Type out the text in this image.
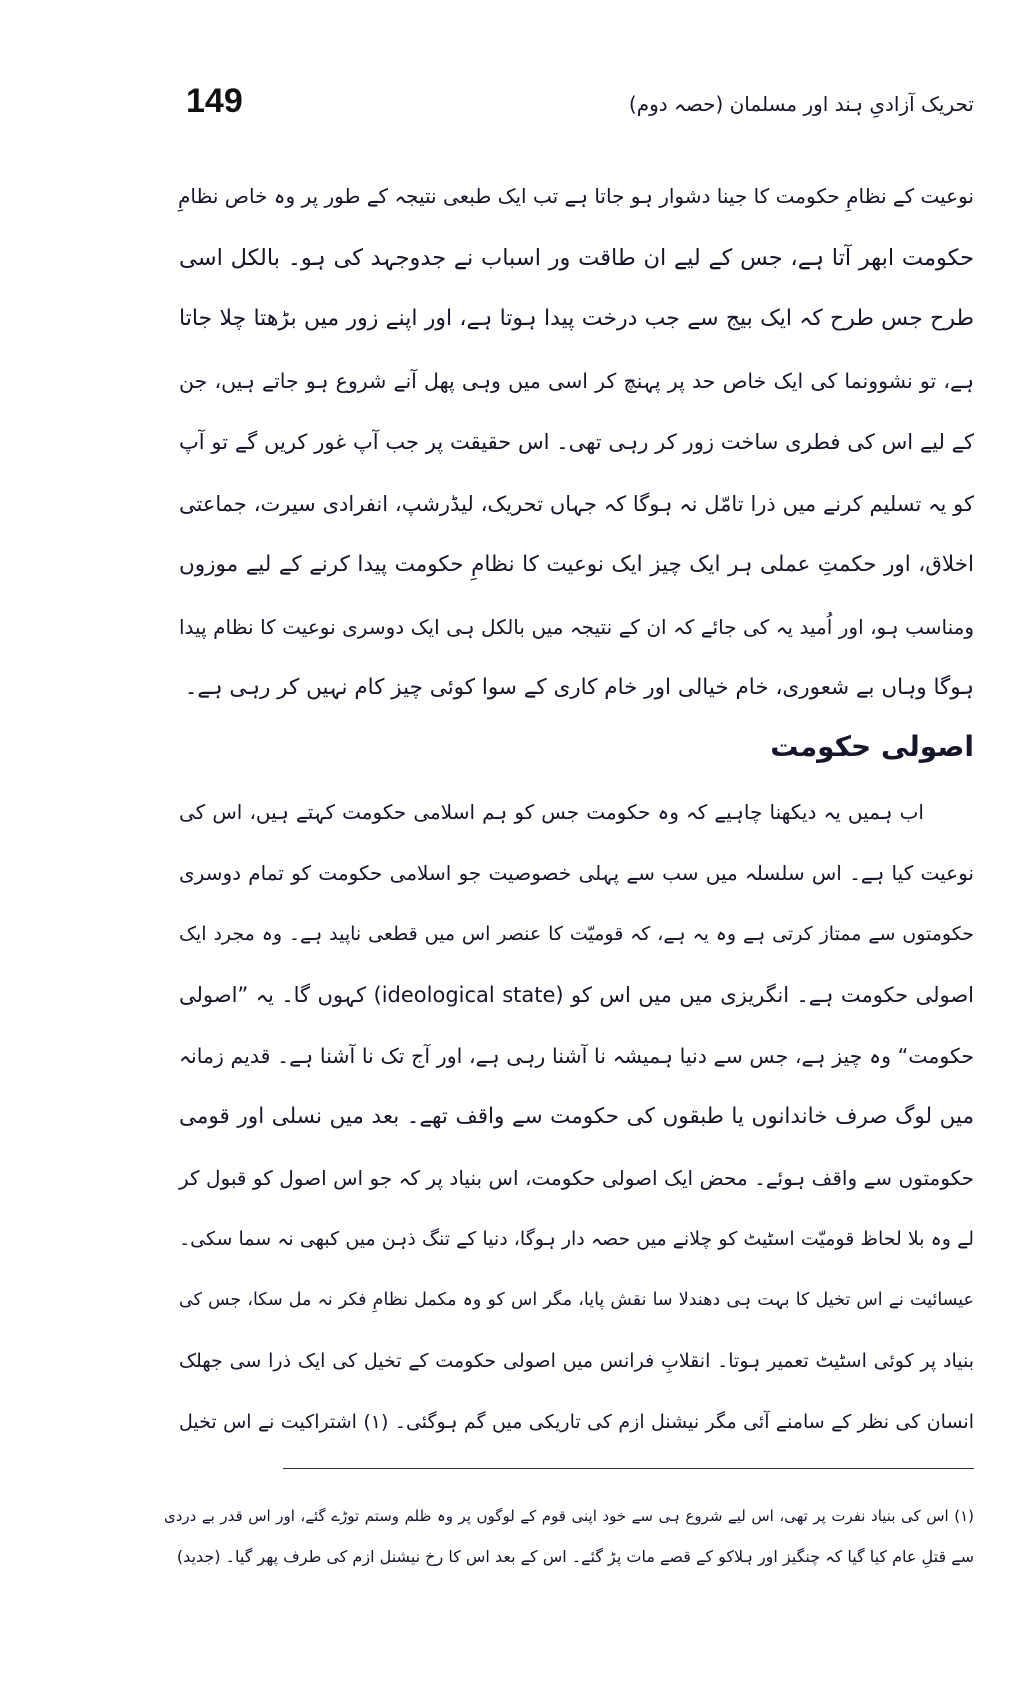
149	تحریک آزادیِ ہند اور مسلمان (حصہ دوم)
نوعیت کے نظامِ حکومت کا جینا دشوار ہو جاتا ہے تب ایک طبعی نتیجہ کے طور پر وہ خاص نظامِ
حکومت ابھر آتا ہے، جس کے لیے ان طاقت ور اسباب نے جدوجہد کی ہو۔ بالکل اسی
طرح جس طرح کہ ایک بیج سے جب درخت پیدا ہوتا ہے، اور اپنے زور میں بڑھتا چلا جاتا
ہے، تو نشوونما کی ایک خاص حد پر پہنچ کر اسی میں وہی پھل آنے شروع ہو جاتے ہیں، جن
کے لیے اس کی فطری ساخت زور کر رہی تھی۔ اس حقیقت پر جب آپ غور کریں گے تو آپ
کو یہ تسلیم کرنے میں ذرا تامّل نہ ہوگا کہ جہاں تحریک، لیڈرشپ، انفرادی سیرت، جماعتی
اخلاق، اور حکمتِ عملی ہر ایک چیز ایک نوعیت کا نظامِ حکومت پیدا کرنے کے لیے موزوں
ومناسب ہو، اور اُمید یہ کی جائے کہ ان کے نتیجہ میں بالکل ہی ایک دوسری نوعیت کا نظام پیدا
ہوگا وہاں بے شعوری، خام خیالی اور خام کاری کے سوا کوئی چیز کام نہیں کر رہی ہے۔
اصولی حکومت
اب ہمیں یہ دیکھنا چاہیے کہ وہ حکومت جس کو ہم اسلامی حکومت کہتے ہیں، اس کی
نوعیت کیا ہے۔ اس سلسلہ میں سب سے پہلی خصوصیت جو اسلامی حکومت کو تمام دوسری
حکومتوں سے ممتاز کرتی ہے وہ یہ ہے، کہ قومیّت کا عنصر اس میں قطعی ناپید ہے۔ وہ مجرد ایک
اصولی حکومت ہے۔ انگریزی میں میں اس کو (ideological state) کہوں گا۔ یہ ”اصولی
حکومت“ وہ چیز ہے، جس سے دنیا ہمیشہ نا آشنا رہی ہے، اور آج تک نا آشنا ہے۔ قدیم زمانہ
میں لوگ صرف خاندانوں یا طبقوں کی حکومت سے واقف تھے۔ بعد میں نسلی اور قومی
حکومتوں سے واقف ہوئے۔ محض ایک اصولی حکومت، اس بنیاد پر کہ جو اس اصول کو قبول کر
لے وہ بلا لحاظ قومیّت اسٹیٹ کو چلانے میں حصہ دار ہوگا، دنیا کے تنگ ذہن میں کبھی نہ سما سکی۔
عیسائیت نے اس تخیل کا بہت ہی دھندلا سا نقش پایا، مگر اس کو وہ مکمل نظامِ فکر نہ مل سکا، جس کی
بنیاد پر کوئی اسٹیٹ تعمیر ہوتا۔ انقلابِ فرانس میں اصولی حکومت کے تخیل کی ایک ذرا سی جھلک
انسان کی نظر کے سامنے آئی مگر نیشنل ازم کی تاریکی میں گم ہوگئی۔ (۱) اشتراکیت نے اس تخیل
(۱) اس کی بنیاد نفرت پر تھی، اس لیے شروع ہی سے خود اپنی قوم کے لوگوں پر وہ ظلم وستم توڑے گئے، اور اس قدر بے دردی
سے قتلِ عام کیا گیا کہ چنگیز اور ہلاکو کے قصے مات پڑ گئے۔ اس کے بعد اس کا رخ نیشنل ازم کی طرف پھر گیا۔ (جدید)
